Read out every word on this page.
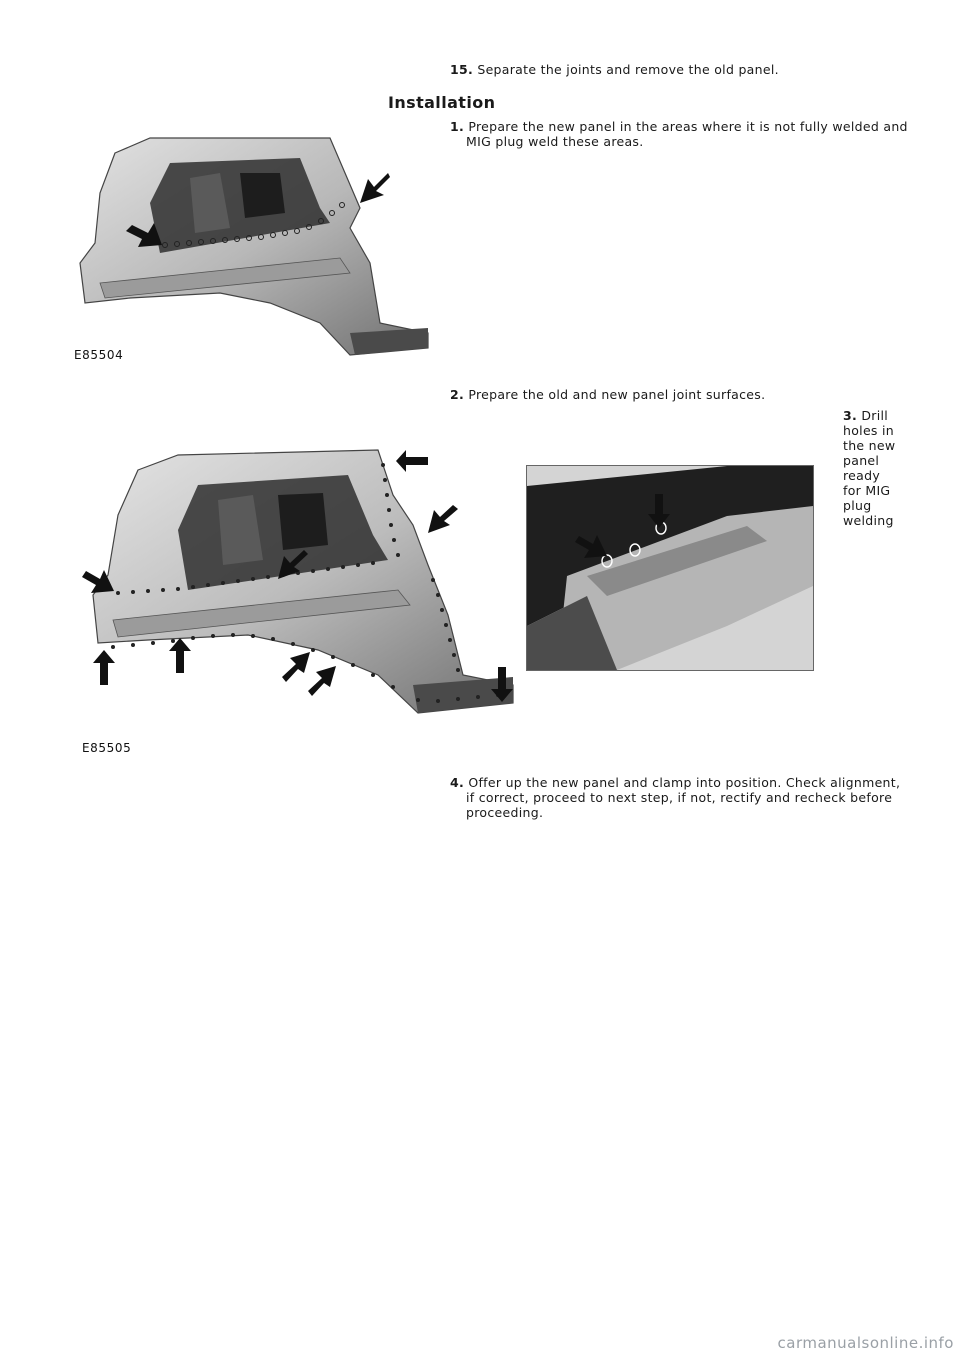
15. Separate the joints and remove the old panel.
Installation
1. Prepare the new panel in the areas where it is not fully welded and
MIG plug weld these areas.
E85504
2. Prepare the old and new panel joint surfaces.
3. Drill
holes in
the new
panel
ready
for MIG
plug
welding
E85505
4. Offer up the new panel and clamp into position. Check alignment,
if correct, proceed to next step, if not, rectify and recheck before
proceeding.
carmanualsonline.info
